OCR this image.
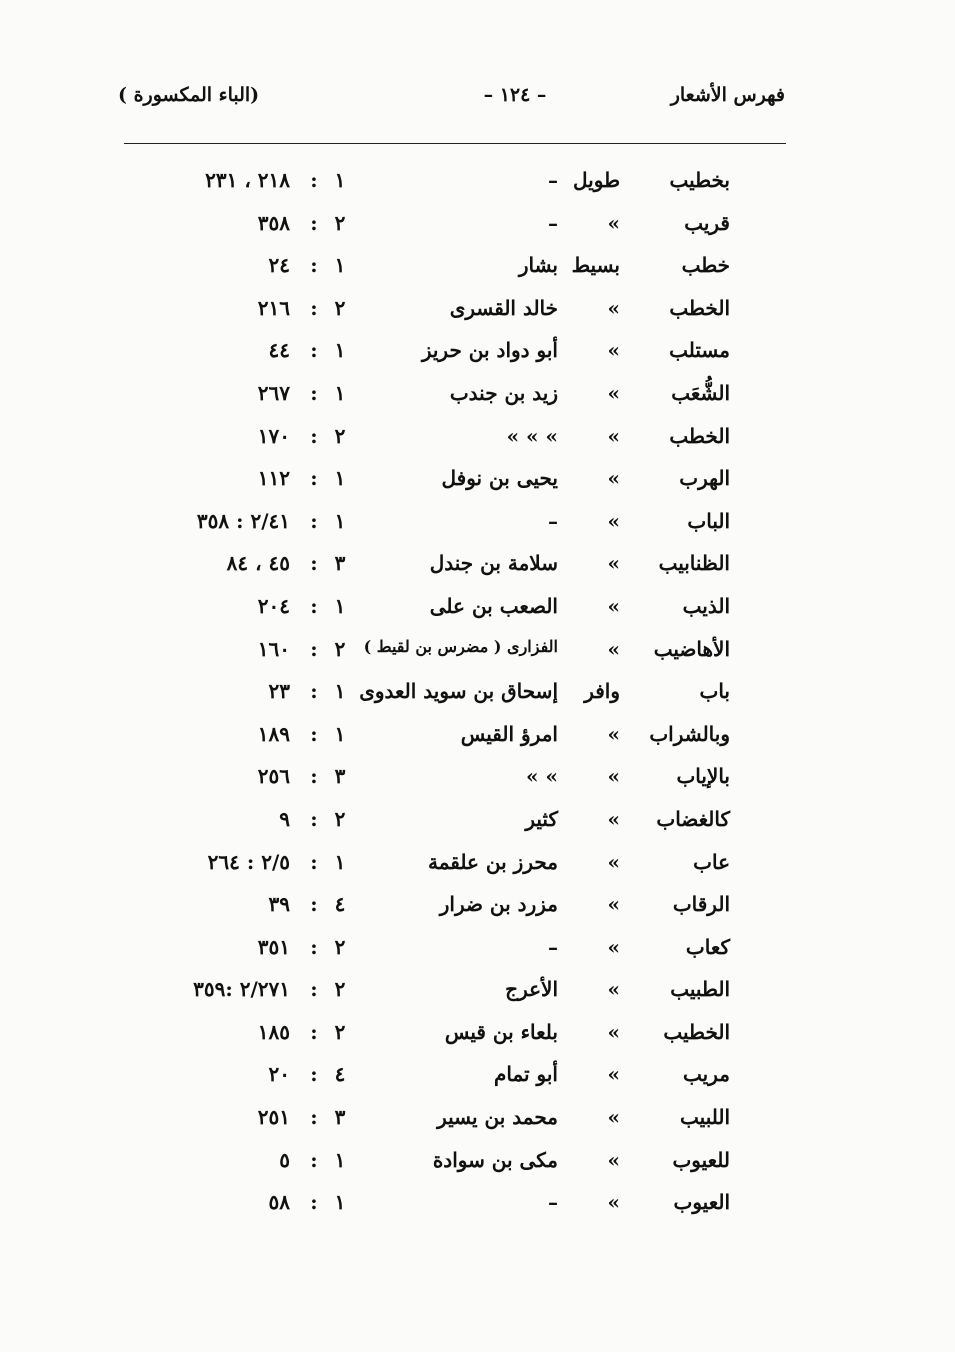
فهرس الأشعار
– ١٢٤ –
(الباء المكسورة )
بخطيب
طويل
–
١
:
٢١٨ ، ٢٣١
قريب
»
–
٢
:
٣٥٨
خطب
بسيط
بشار
١
:
٢٤
الخطب
»
خالد القسرى
٢
:
٢١٦
مستلب
»
أبو دواد بن حريز
١
:
٤٤
الشُّعَب
»
زيد بن جندب
١
:
٢٦٧
الخطب
»
» » »
٢
:
١٧٠
الهرب
»
يحيى بن نوفل
١
:
١١٢
الباب
»
–
١
:
٢/٤١ : ٣٥٨
الظنابيب
»
سلامة بن جندل
٣
:
٤٥ ، ٨٤
الذيب
»
الصعب بن على
١
:
٢٠٤
الأهاضيب
»
الفزارى ( مضرس بن لقيط )
٢
:
١٦٠
باب
وافر
إسحاق بن سويد العدوى
١
:
٢٣
وبالشراب
»
امرؤ القيس
١
:
١٨٩
بالإياب
»
» »
٣
:
٢٥٦
كالغضاب
»
كثير
٢
:
٩
عاب
»
محرز بن علقمة
١
:
٢/٥ : ٢٦٤
الرقاب
»
مزرد بن ضرار
٤
:
٣٩
كعاب
»
–
٢
:
٣٥١
الطبيب
»
الأعرج
٢
:
٢/٢٧١ :٣٥٩
الخطيب
»
بلعاء بن قيس
٢
:
١٨٥
مريب
»
أبو تمام
٤
:
٢٠
اللبيب
»
محمد بن يسير
٣
:
٢٥١
للعيوب
»
مكى بن سوادة
١
:
٥
العيوب
»
–
١
:
٥٨
